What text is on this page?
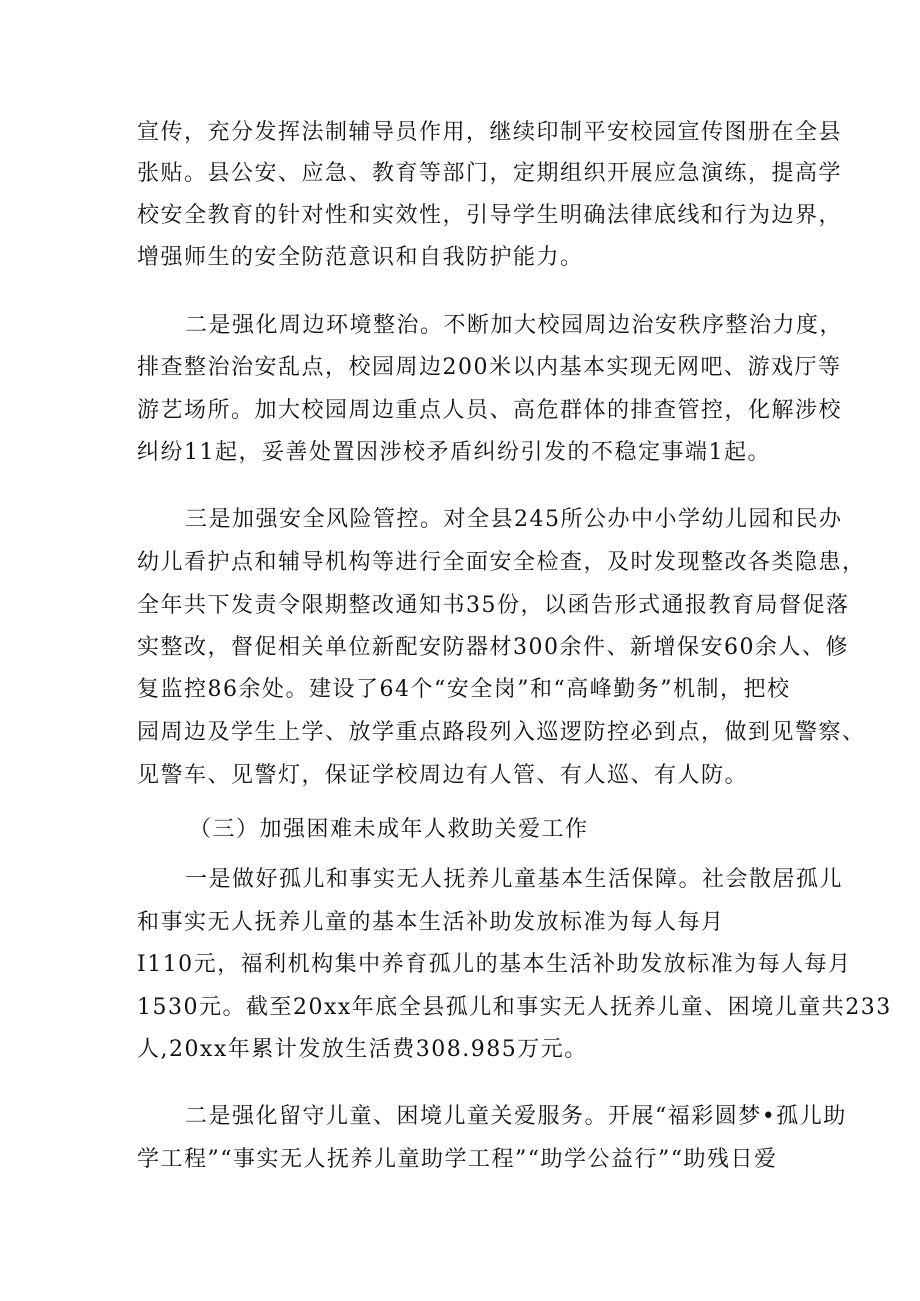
宣传，充分发挥法制辅导员作用，继续印制平安校园宣传图册在全县
张贴。县公安、应急、教育等部门，定期组织开展应急演练，提高学
校安全教育的针对性和实效性，引导学生明确法律底线和行为边界，
增强师生的安全防范意识和自我防护能力。
二是强化周边环境整治。不断加大校园周边治安秩序整治力度，
排查整治治安乱点，校园周边200米以内基本实现无网吧、游戏厅等
游艺场所。加大校园周边重点人员、高危群体的排查管控，化解涉校
纠纷11起，妥善处置因涉校矛盾纠纷引发的不稳定事端1起。
三是加强安全风险管控。对全县245所公办中小学幼儿园和民办
幼儿看护点和辅导机构等进行全面安全检查，及时发现整改各类隐患，
全年共下发责令限期整改通知书35份，以函告形式通报教育局督促落
实整改，督促相关单位新配安防器材300余件、新增保安60余人、修
复监控86余处。建设了64个“安全岗”和“高峰勤务”机制，把校
园周边及学生上学、放学重点路段列入巡逻防控必到点，做到见警察、
见警车、见警灯，保证学校周边有人管、有人巡、有人防。
（三）加强困难未成年人救助关爱工作
一是做好孤儿和事实无人抚养儿童基本生活保障。社会散居孤儿
和事实无人抚养儿童的基本生活补助发放标准为每人每月
I110元，福利机构集中养育孤儿的基本生活补助发放标准为每人每月
1530元。截至20xx年底全县孤儿和事实无人抚养儿童、困境儿童共233
人,20xx年累计发放生活费308.985万元。
二是强化留守儿童、困境儿童关爱服务。开展“福彩圆梦•孤儿助
学工程”“事实无人抚养儿童助学工程”“助学公益行”“助残日爱
